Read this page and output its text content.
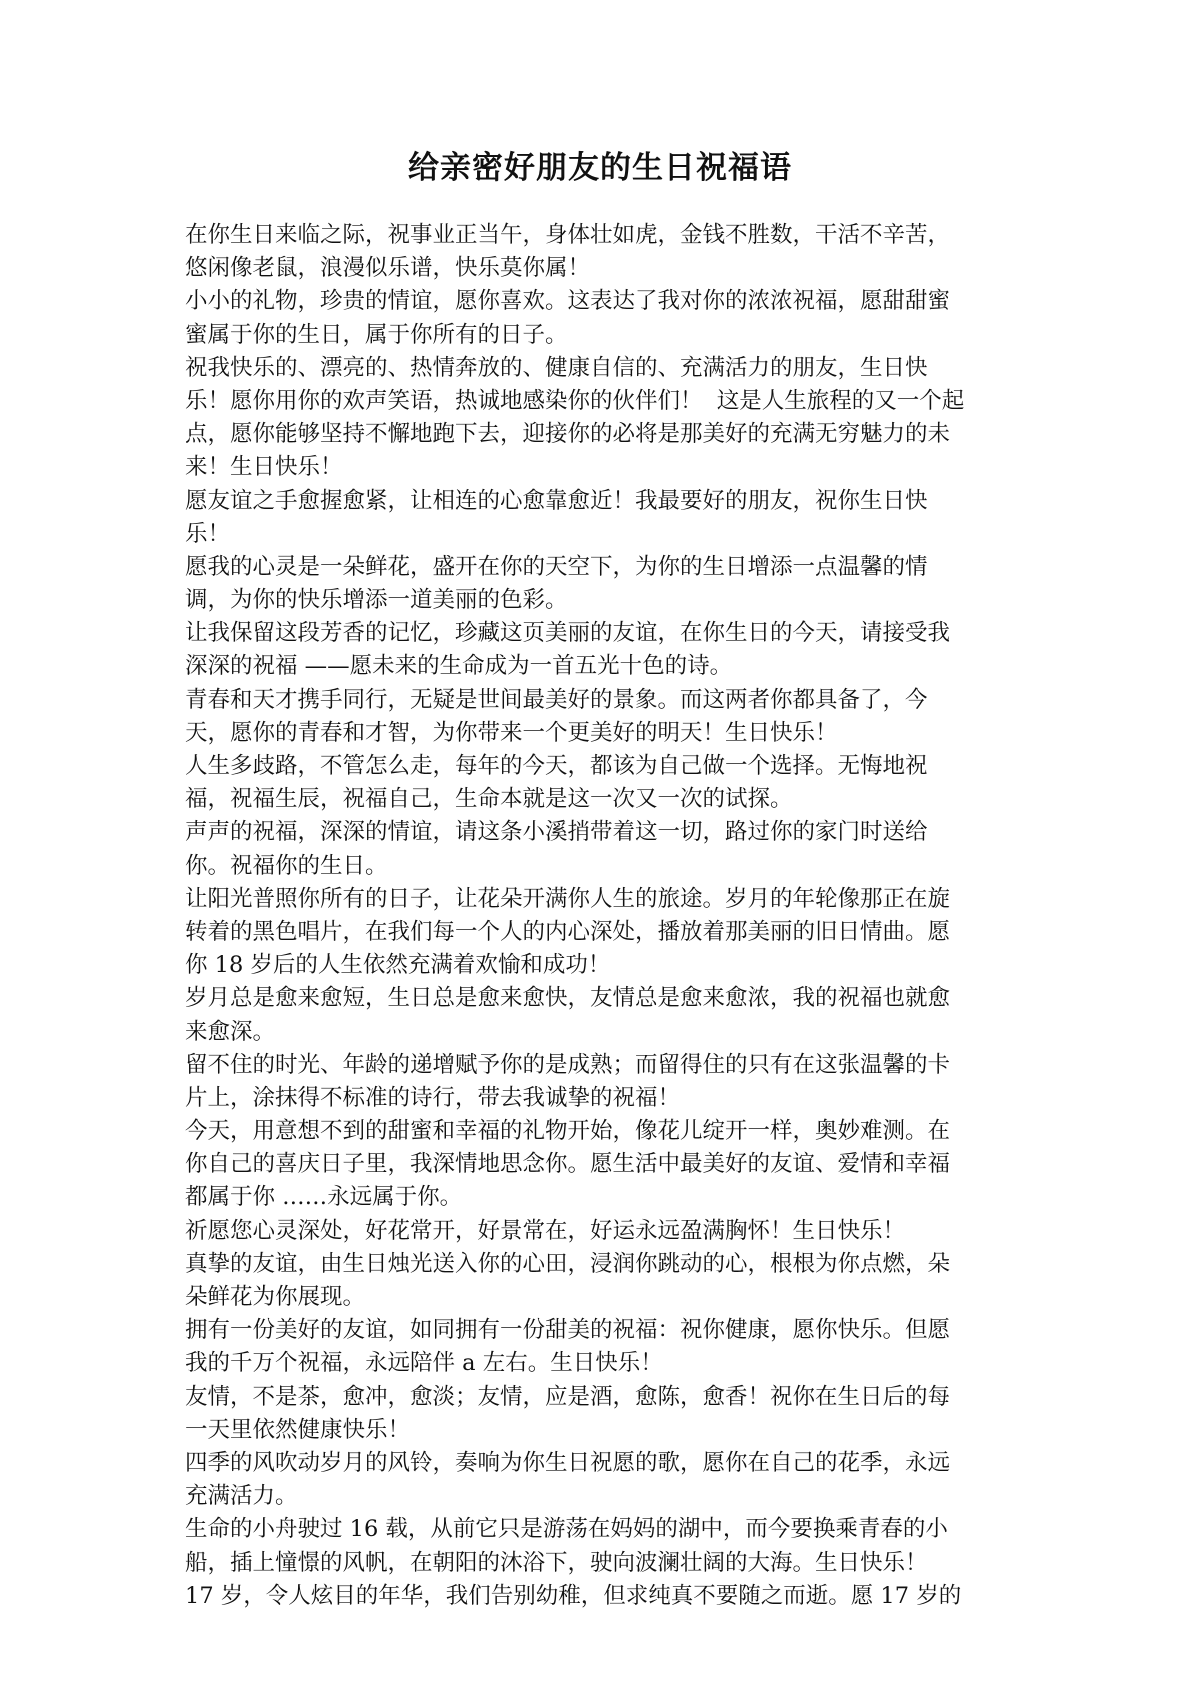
给亲密好朋友的生日祝福语
在你生日来临之际，祝事业正当午，身体壮如虎，金钱不胜数，干活不辛苦，
悠闲像老鼠，浪漫似乐谱，快乐莫你属！
小小的礼物，珍贵的情谊，愿你喜欢。这表达了我对你的浓浓祝福，愿甜甜蜜
蜜属于你的生日，属于你所有的日子。
祝我快乐的、漂亮的、热情奔放的、健康自信的、充满活力的朋友，生日快
乐！愿你用你的欢声笑语，热诚地感染你的伙伴们！  这是人生旅程的又一个起
点，愿你能够坚持不懈地跑下去，迎接你的必将是那美好的充满无穷魅力的未
来！生日快乐！
愿友谊之手愈握愈紧，让相连的心愈靠愈近！我最要好的朋友，祝你生日快
乐！
愿我的心灵是一朵鲜花，盛开在你的天空下，为你的生日增添一点温馨的情
调，为你的快乐增添一道美丽的色彩。
让我保留这段芳香的记忆，珍藏这页美丽的友谊，在你生日的今天，请接受我
深深的祝福 ——愿未来的生命成为一首五光十色的诗。
青春和天才携手同行，无疑是世间最美好的景象。而这两者你都具备了，今
天，愿你的青春和才智，为你带来一个更美好的明天！生日快乐！
人生多歧路，不管怎么走，每年的今天，都该为自己做一个选择。无悔地祝
福，祝福生辰，祝福自己，生命本就是这一次又一次的试探。
声声的祝福，深深的情谊，请这条小溪捎带着这一切，路过你的家门时送给
你。祝福你的生日。
让阳光普照你所有的日子，让花朵开满你人生的旅途。岁月的年轮像那正在旋
转着的黑色唱片，在我们每一个人的内心深处，播放着那美丽的旧日情曲。愿
你 18 岁后的人生依然充满着欢愉和成功！
岁月总是愈来愈短，生日总是愈来愈快，友情总是愈来愈浓，我的祝福也就愈
来愈深。
留不住的时光、年龄的递增赋予你的是成熟；而留得住的只有在这张温馨的卡
片上，涂抹得不标准的诗行，带去我诚挚的祝福！
今天，用意想不到的甜蜜和幸福的礼物开始，像花儿绽开一样，奥妙难测。在
你自己的喜庆日子里，我深情地思念你。愿生活中最美好的友谊、爱情和幸福
都属于你 ……永远属于你。
祈愿您心灵深处，好花常开，好景常在，好运永远盈满胸怀！生日快乐！
真挚的友谊，由生日烛光送入你的心田，浸润你跳动的心，根根为你点燃，朵
朵鲜花为你展现。
拥有一份美好的友谊，如同拥有一份甜美的祝福：祝你健康，愿你快乐。但愿
我的千万个祝福，永远陪伴 a 左右。生日快乐！
友情，不是茶，愈冲，愈淡；友情，应是酒，愈陈，愈香！祝你在生日后的每
一天里依然健康快乐！
四季的风吹动岁月的风铃，奏响为你生日祝愿的歌，愿你在自己的花季，永远
充满活力。
生命的小舟驶过 16 载，从前它只是游荡在妈妈的湖中，而今要换乘青春的小
船，插上憧憬的风帆，在朝阳的沐浴下，驶向波澜壮阔的大海。生日快乐！
17 岁，令人炫目的年华，我们告别幼稚，但求纯真不要随之而逝。愿 17 岁的
